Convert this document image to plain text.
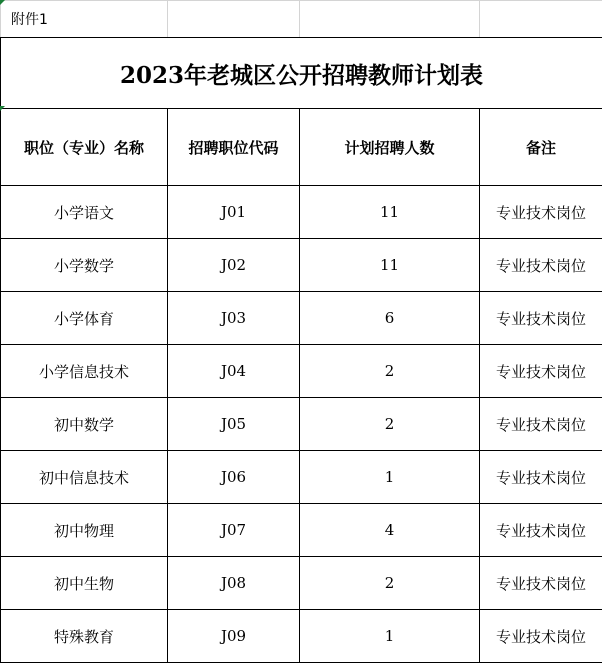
附件1			
2023年老城区公开招聘教师计划表			
职位（专业）名称	招聘职位代码	计划招聘人数	备注
小学语文	J01	11	专业技术岗位
小学数学	J02	11	专业技术岗位
小学体育	J03	6	专业技术岗位
小学信息技术	J04	2	专业技术岗位
初中数学	J05	2	专业技术岗位
初中信息技术	J06	1	专业技术岗位
初中物理	J07	4	专业技术岗位
初中生物	J08	2	专业技术岗位
特殊教育	J09	1	专业技术岗位
